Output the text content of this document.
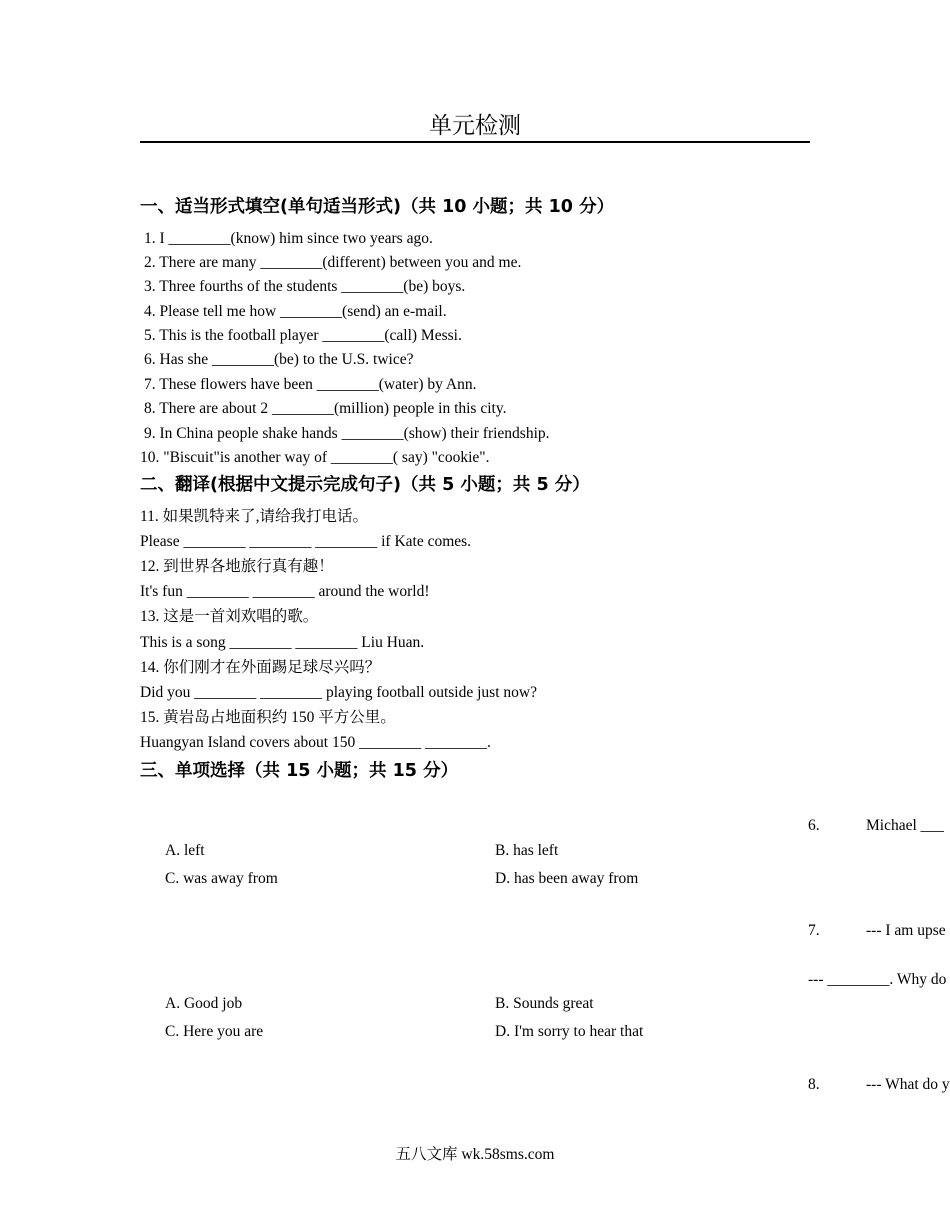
单元检测
一、适当形式填空(单句适当形式)（共 10 小题；共 10 分）
1. I ________(know) him since two years ago.
2. There are many ________(different) between you and me.
3. Three fourths of the students ________(be) boys.
4. Please tell me how ________(send) an e-mail.
5. This is the football player ________(call) Messi.
6. Has she ________(be) to the U.S. twice?
7. These flowers have been ________(water) by Ann.
8. There are about 2 ________(million) people in this city.
9. In China people shake hands ________(show) their friendship.
10. "Biscuit"is another way of ________( say) "cookie".
二、翻译(根据中文提示完成句子)（共 5 小题；共 5 分）
11. 如果凯特来了,请给我打电话。
Please ________ ________ ________ if Kate comes.
12. 到世界各地旅行真有趣！
It's fun ________ ________ around the world!
13. 这是一首刘欢唱的歌。
This is a song ________ ________ Liu Huan.
14. 你们刚才在外面踢足球尽兴吗？
Did you ________ ________ playing football outside just now?
15. 黄岩岛占地面积约 150 平方公里。
Huangyan Island covers about 150 ________ ________.
三、单项选择（共 15 小题；共 15 分）
6.	Michael ___
A. left	B. has left
C. was away from	D. has been away from
7.	--- I am upse
--- ________. Why do
A. Good job	B. Sounds great
C. Here you are	D. I'm sorry to hear that
8.	--- What do y
五八文库 wk.58sms.com
